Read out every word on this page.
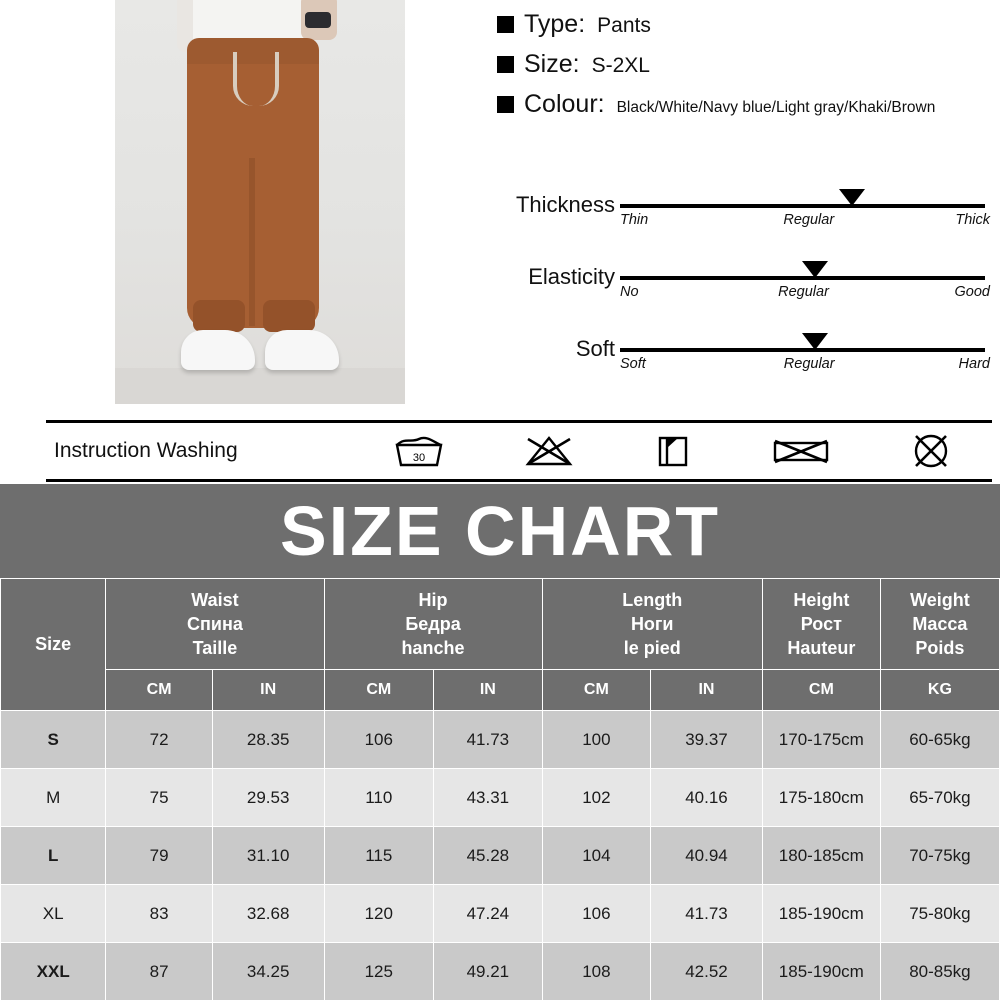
Type: Pants
Size: S-2XL
Colour: Black/White/Navy blue/Light gray/Khaki/Brown
Thickness
Thin	Regular	Thick
Elasticity
No	Regular	Good
Soft
Soft	Regular	Hard
Instruction Washing	30
SIZE CHART
Size	
Waist
Спина
Taille

Hip
Бедра
hanche

Length
Ноги
le pied

Height
Рост
Hauteur

Weight
Macca
Poids

	CM	IN	CM	IN	CM	IN	CM	KG
S	72	28.35	106	41.73	100	39.37	170-175cm	60-65kg
M	75	29.53	110	43.31	102	40.16	175-180cm	65-70kg
L	79	31.10	115	45.28	104	40.94	180-185cm	70-75kg
XL	83	32.68	120	47.24	106	41.73	185-190cm	75-80kg
XXL	87	34.25	125	49.21	108	42.52	185-190cm	80-85kg
